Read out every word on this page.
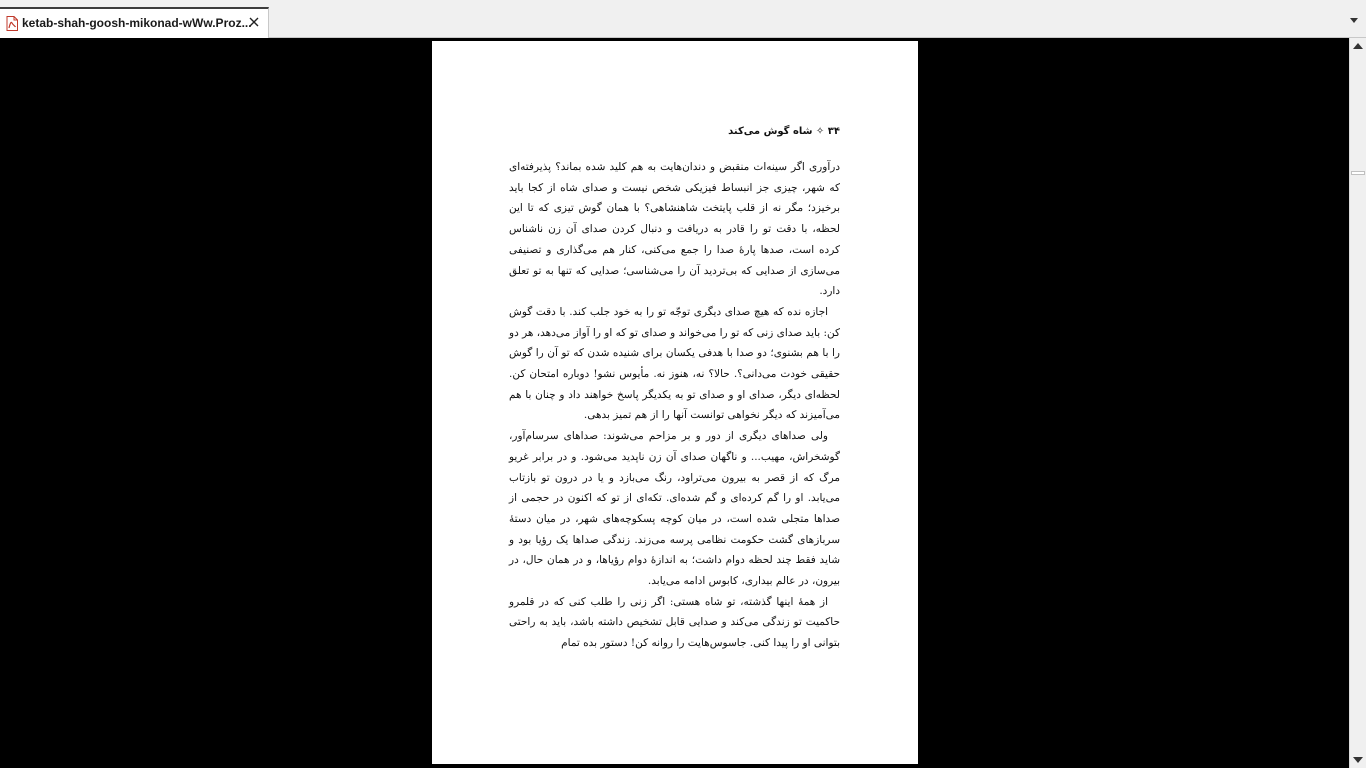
ketab-shah-goosh-mikonad-wWw.Proz...
۳۴ ✧ شاه گوش می‌کند

درآوری اگر سینه‌ات منقبض و دندان‌هایت به هم کلید شده بماند؟ پذیرفته‌ای که شهر، چیزی جز انبساط فیزیکی شخص نیست و صدای شاه از کجا باید برخیزد؛ مگر نه از قلب پایتخت شاهنشاهی؟ با همان گوش تیزی که تا این لحظه، با دقت تو را قادر به دریافت و دنبال کردن صدای آن زن ناشناس کرده است، صدها پارهٔ صدا را جمع می‌کنی، کنار هم می‌گذاری و تصنیفی می‌سازی از صدایی که بی‌تردید آن را می‌شناسی؛ صدایی که تنها به تو تعلق دارد.

اجازه نده که هیچ صدای دیگری توجّه تو را به خود جلب کند. با دقت گوش کن: باید صدای زنی که تو را می‌خواند و صدای تو که او را آواز می‌دهد، هر دو را با هم بشنوی؛ دو صدا با هدفی یکسان برای شنیده شدن که تو آن را گوش حقیقی خودت می‌دانی؟. حالا؟ نه، هنوز نه. مأیوس نشو! دوباره امتحان کن. لحظه‌ای دیگر، صدای او و صدای تو به یکدیگر پاسخ خواهند داد و چنان با هم می‌آمیزند که دیگر نخواهی توانست آنها را از هم تمیز بدهی.

ولی صداهای دیگری از دور و بر مزاحم می‌شوند: صداهای سرسام‌آور، گوشخراش، مهیب... و ناگهان صدای آن زن ناپدید می‌شود. و در برابر غریو مرگ که از قصر به بیرون می‌تراود، رنگ می‌بازد و یا در درون تو بازتاب می‌یابد. او را گم کرده‌ای و گم شده‌ای. تکه‌ای از تو که اکنون در حجمی از صداها متجلی شده است، در میان کوچه پسکوچه‌های شهر، در میان دستهٔ سربازهای گشت حکومت نظامی پرسه می‌زند. زندگی صداها یک رؤیا بود و شاید فقط چند لحظه دوام داشت؛ به اندازهٔ دوام رؤیاها، و در همان حال، در بیرون، در عالم بیداری، کابوس ادامه می‌یابد.

از همهٔ اینها گذشته، تو شاه هستی: اگر زنی را طلب کنی که در قلمرو حاکمیت تو زندگی می‌کند و صدایی قابل تشخیص داشته باشد، باید به راحتی بتوانی او را پیدا کنی. جاسوس‌هایت را روانه کن! دستور بده تمام
